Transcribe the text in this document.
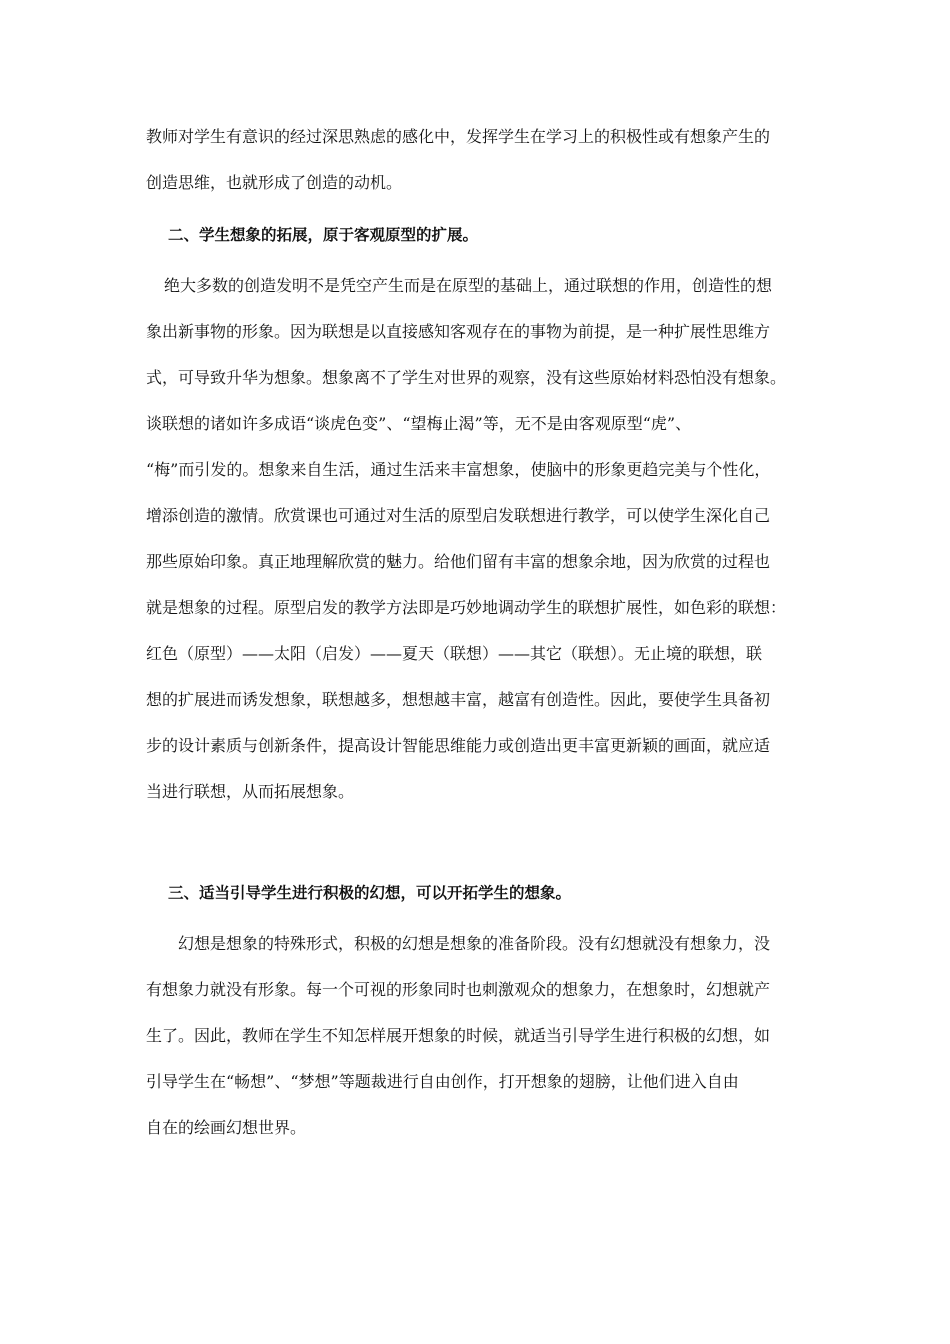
教师对学生有意识的经过深思熟虑的感化中，发挥学生在学习上的积极性或有想象产生的
创造思维，也就形成了创造的动机。
二、学生想象的拓展，原于客观原型的扩展。
绝大多数的创造发明不是凭空产生而是在原型的基础上，通过联想的作用，创造性的想
象出新事物的形象。因为联想是以直接感知客观存在的事物为前提，是一种扩展性思维方
式，可导致升华为想象。想象离不了学生对世界的观察，没有这些原始材料恐怕没有想象。
谈联想的诸如许多成语“谈虎色变”、“望梅止渴”等，无不是由客观原型“虎”、
“梅”而引发的。想象来自生活，通过生活来丰富想象，使脑中的形象更趋完美与个性化，
增添创造的激情。欣赏课也可通过对生活的原型启发联想进行教学，可以使学生深化自己
那些原始印象。真正地理解欣赏的魅力。给他们留有丰富的想象余地，因为欣赏的过程也
就是想象的过程。原型启发的教学方法即是巧妙地调动学生的联想扩展性，如色彩的联想：
红色（原型）——太阳（启发）——夏天（联想）——其它（联想）。无止境的联想，联
想的扩展进而诱发想象，联想越多，想想越丰富，越富有创造性。因此，要使学生具备初
步的设计素质与创新条件，提高设计智能思维能力或创造出更丰富更新颖的画面，就应适
当进行联想，从而拓展想象。
三、适当引导学生进行积极的幻想，可以开拓学生的想象。
幻想是想象的特殊形式，积极的幻想是想象的准备阶段。没有幻想就没有想象力，没
有想象力就没有形象。每一个可视的形象同时也刺激观众的想象力，在想象时，幻想就产
生了。因此，教师在学生不知怎样展开想象的时候，就适当引导学生进行积极的幻想，如
引导学生在“畅想”、“梦想”等题裁进行自由创作，打开想象的翅膀，让他们进入自由
自在的绘画幻想世界。
